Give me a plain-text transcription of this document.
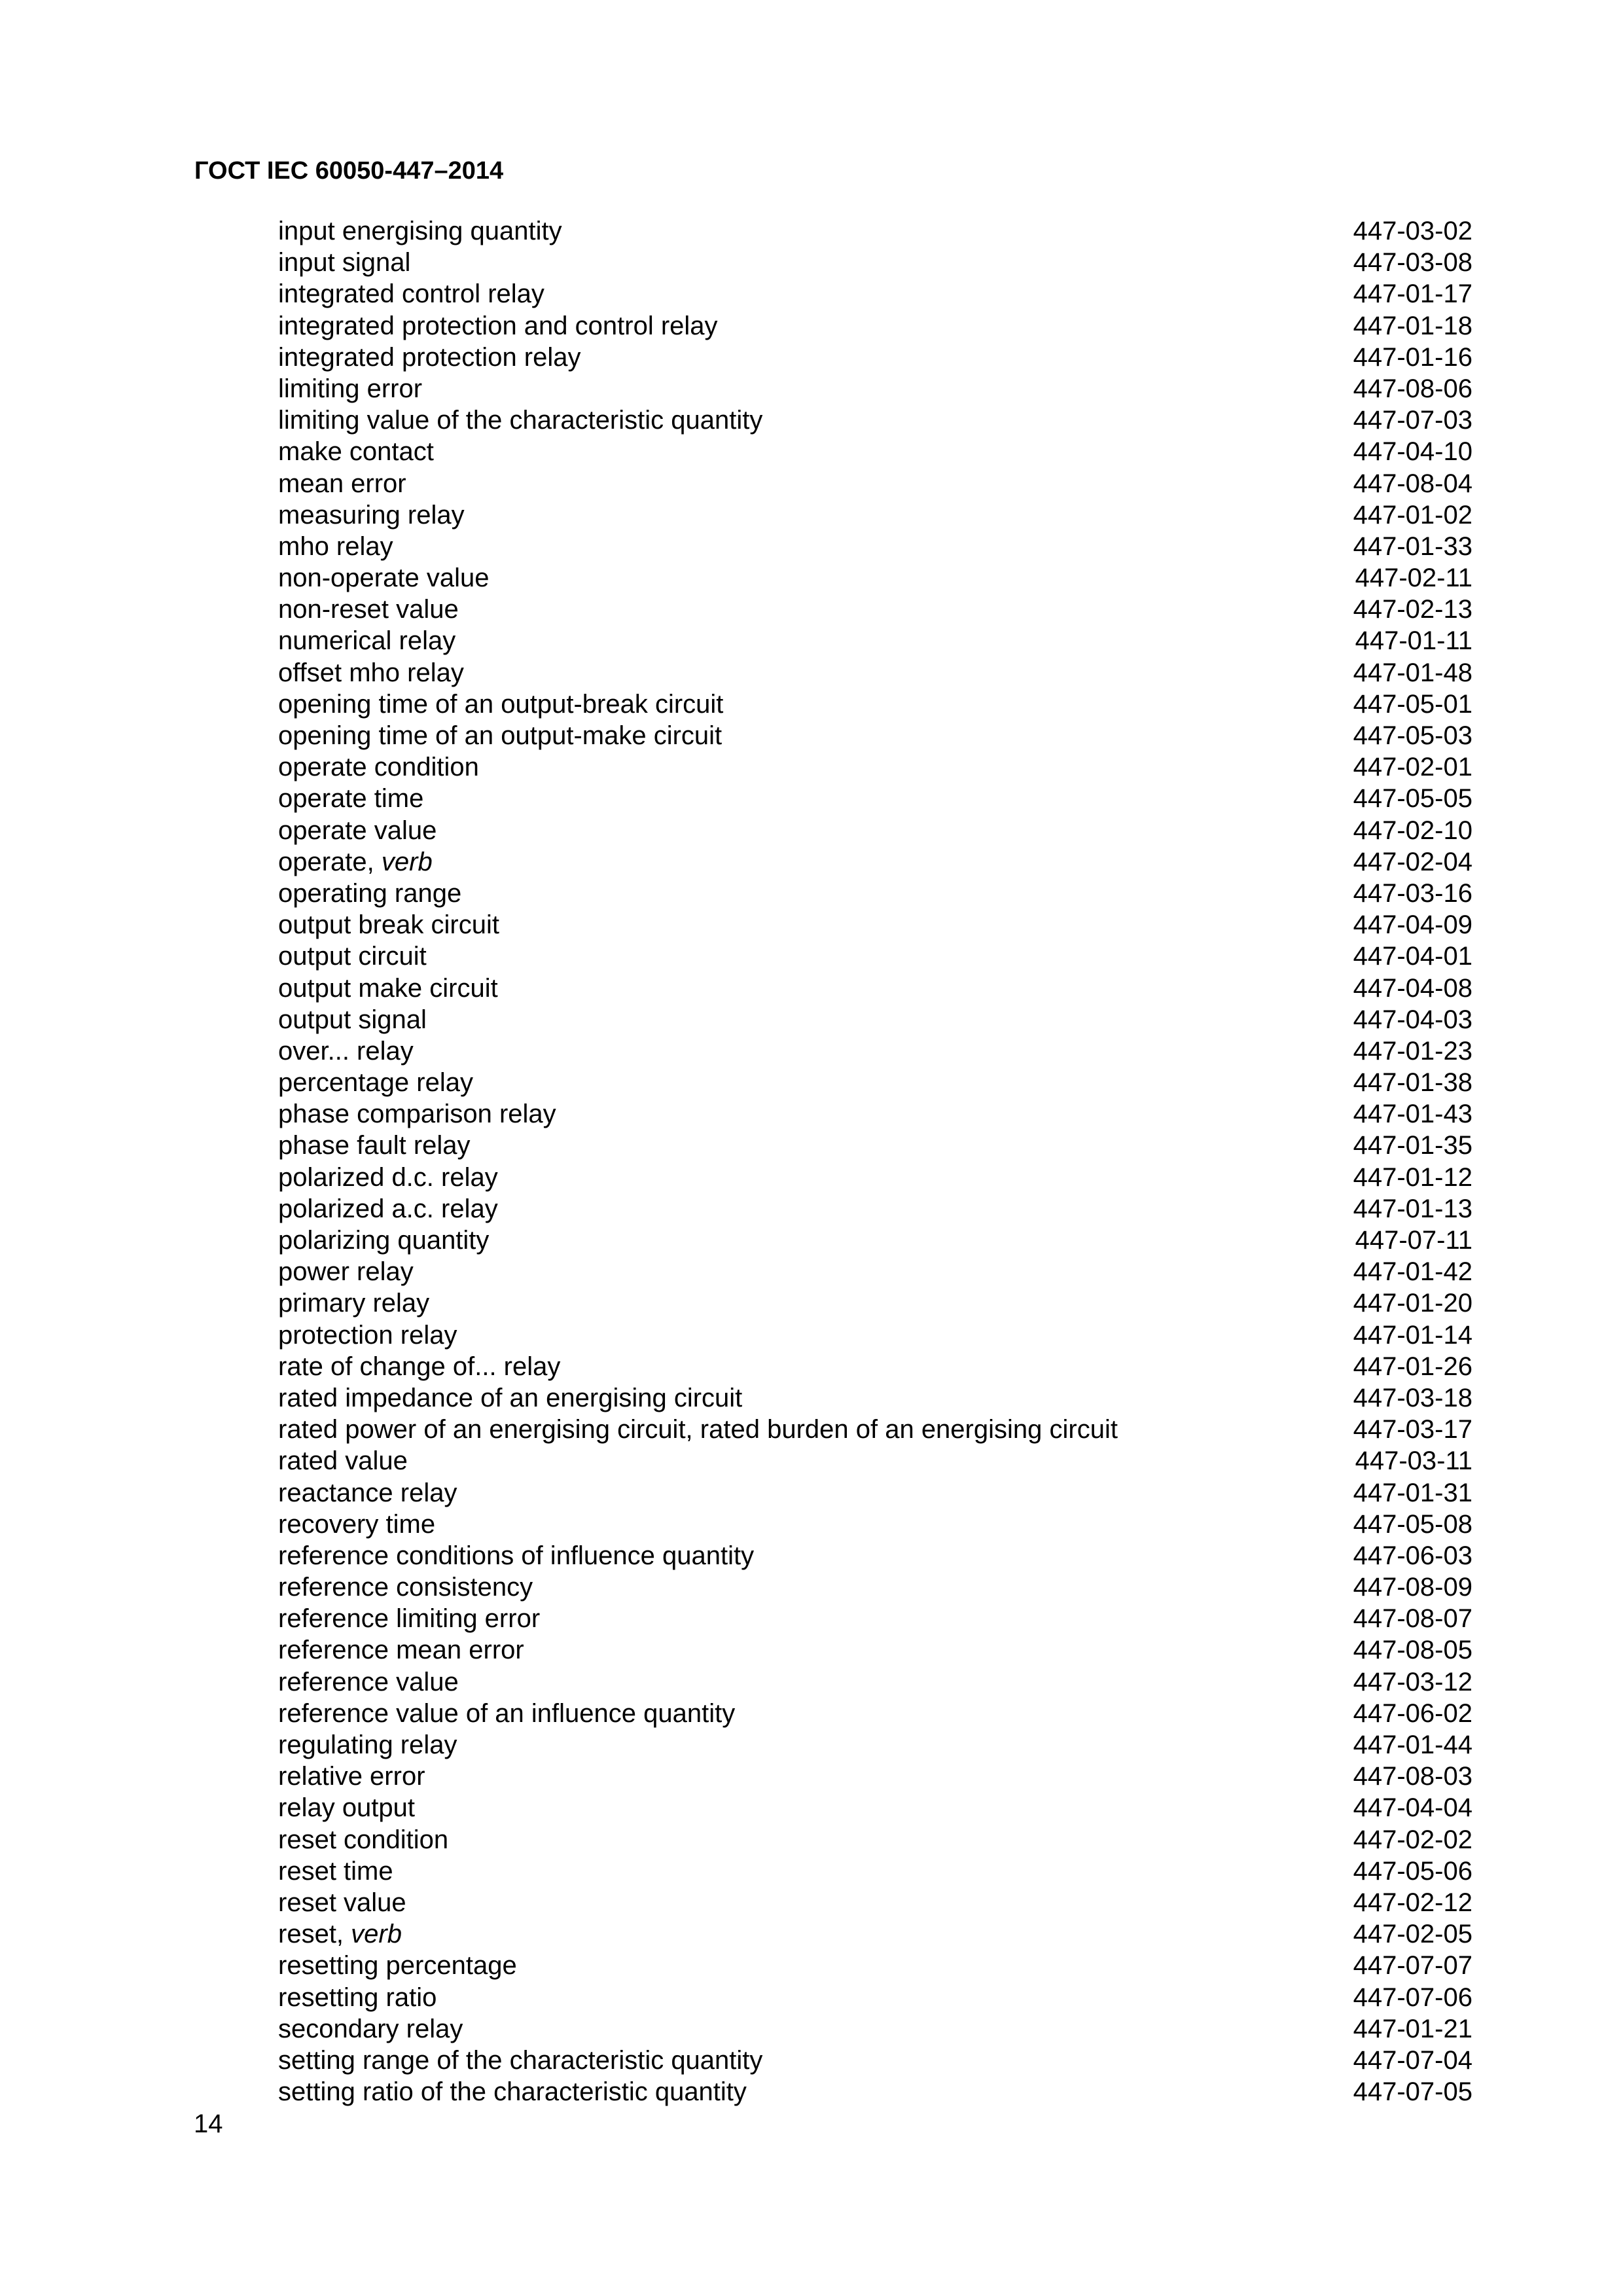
ГОСТ IEC 60050-447–2014
input energising quantity	447-03-02
input signal	447-03-08
integrated control relay	447-01-17
integrated protection and control relay	447-01-18
integrated protection relay	447-01-16
limiting error	447-08-06
limiting value of the characteristic quantity	447-07-03
make contact	447-04-10
mean error	447-08-04
measuring relay	447-01-02
mho relay	447-01-33
non-operate value	447-02-11
non-reset value	447-02-13
numerical relay	447-01-11
offset mho relay	447-01-48
opening time of an output-break circuit	447-05-01
opening time of an output-make circuit	447-05-03
operate condition	447-02-01
operate time	447-05-05
operate value	447-02-10
operate, verb	447-02-04
operating range	447-03-16
output break circuit	447-04-09
output circuit	447-04-01
output make circuit	447-04-08
output signal	447-04-03
over... relay	447-01-23
percentage relay	447-01-38
phase comparison relay	447-01-43
phase fault relay	447-01-35
polarized d.c. relay	447-01-12
polarized a.c. relay	447-01-13
polarizing quantity	447-07-11
power relay	447-01-42
primary relay	447-01-20
protection relay	447-01-14
rate of change of... relay	447-01-26
rated impedance of an energising circuit	447-03-18
rated power of an energising circuit, rated burden of an energising circuit	447-03-17
rated value	447-03-11
reactance relay	447-01-31
recovery time	447-05-08
reference conditions of influence quantity	447-06-03
reference consistency	447-08-09
reference limiting error	447-08-07
reference mean error	447-08-05
reference value	447-03-12
reference value of an influence quantity	447-06-02
regulating relay	447-01-44
relative error	447-08-03
relay output	447-04-04
reset condition	447-02-02
reset time	447-05-06
reset value	447-02-12
reset, verb	447-02-05
resetting percentage	447-07-07
resetting ratio	447-07-06
secondary relay	447-01-21
setting range of the characteristic quantity	447-07-04
setting ratio of the characteristic quantity	447-07-05
14
